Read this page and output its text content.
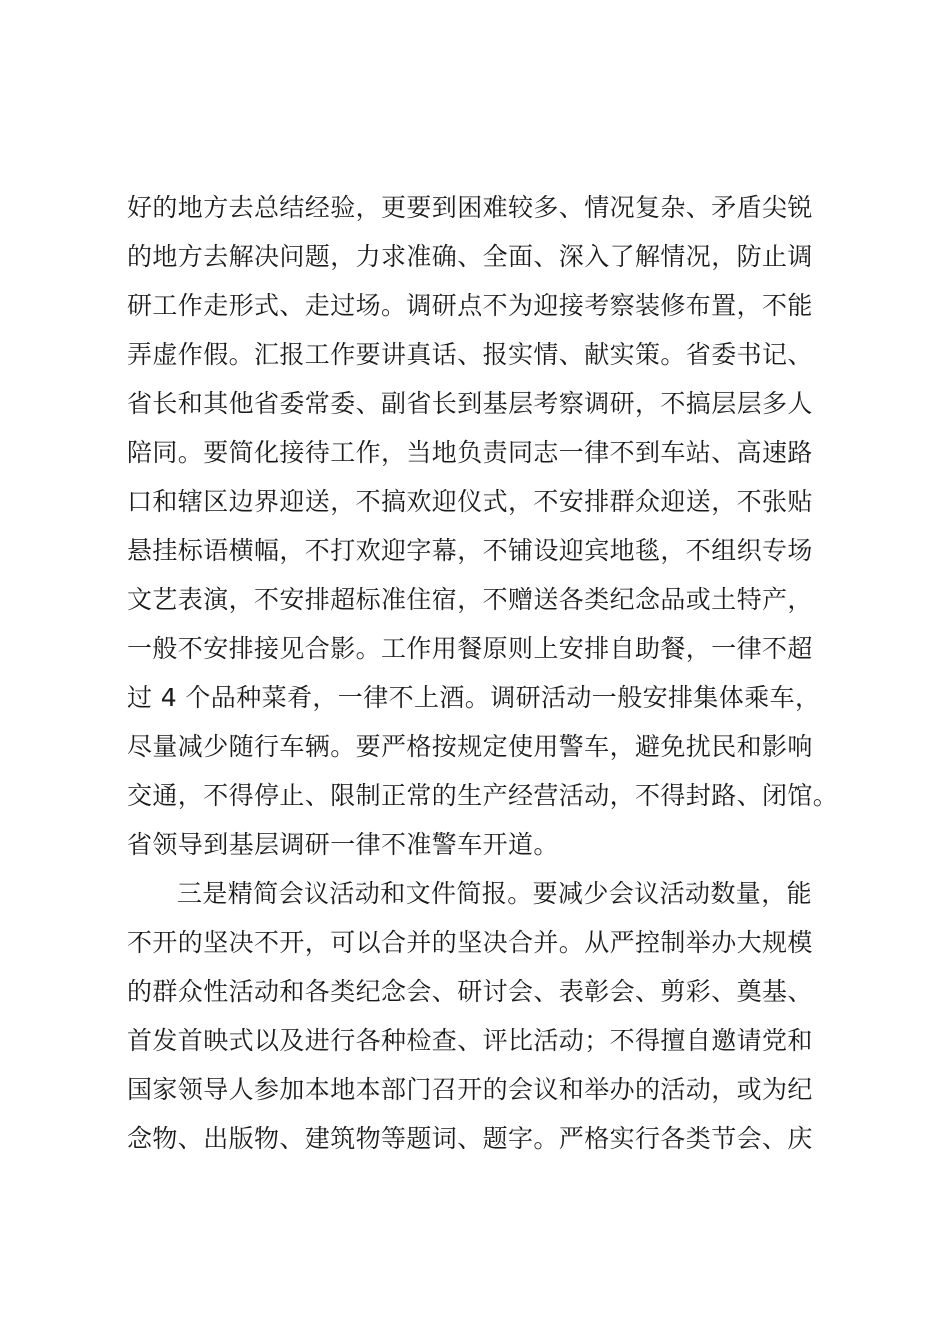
好的地方去总结经验，更要到困难较多、情况复杂、矛盾尖锐
的地方去解决问题，力求准确、全面、深入了解情况，防止调
研工作走形式、走过场。调研点不为迎接考察装修布置，不能
弄虚作假。汇报工作要讲真话、报实情、献实策。省委书记、
省长和其他省委常委、副省长到基层考察调研，不搞层层多人
陪同。要简化接待工作，当地负责同志一律不到车站、高速路
口和辖区边界迎送，不搞欢迎仪式，不安排群众迎送，不张贴
悬挂标语横幅，不打欢迎字幕，不铺设迎宾地毯，不组织专场
文艺表演，不安排超标准住宿，不赠送各类纪念品或土特产，
一般不安排接见合影。工作用餐原则上安排自助餐，一律不超
过 4 个品种菜肴，一律不上酒。调研活动一般安排集体乘车，
尽量减少随行车辆。要严格按规定使用警车，避免扰民和影响
交通，不得停止、限制正常的生产经营活动，不得封路、闭馆。
省领导到基层调研一律不准警车开道。
三是精简会议活动和文件简报。要减少会议活动数量，能
不开的坚决不开，可以合并的坚决合并。从严控制举办大规模
的群众性活动和各类纪念会、研讨会、表彰会、剪彩、奠基、
首发首映式以及进行各种检查、评比活动；不得擅自邀请党和
国家领导人参加本地本部门召开的会议和举办的活动，或为纪
念物、出版物、建筑物等题词、题字。严格实行各类节会、庆
